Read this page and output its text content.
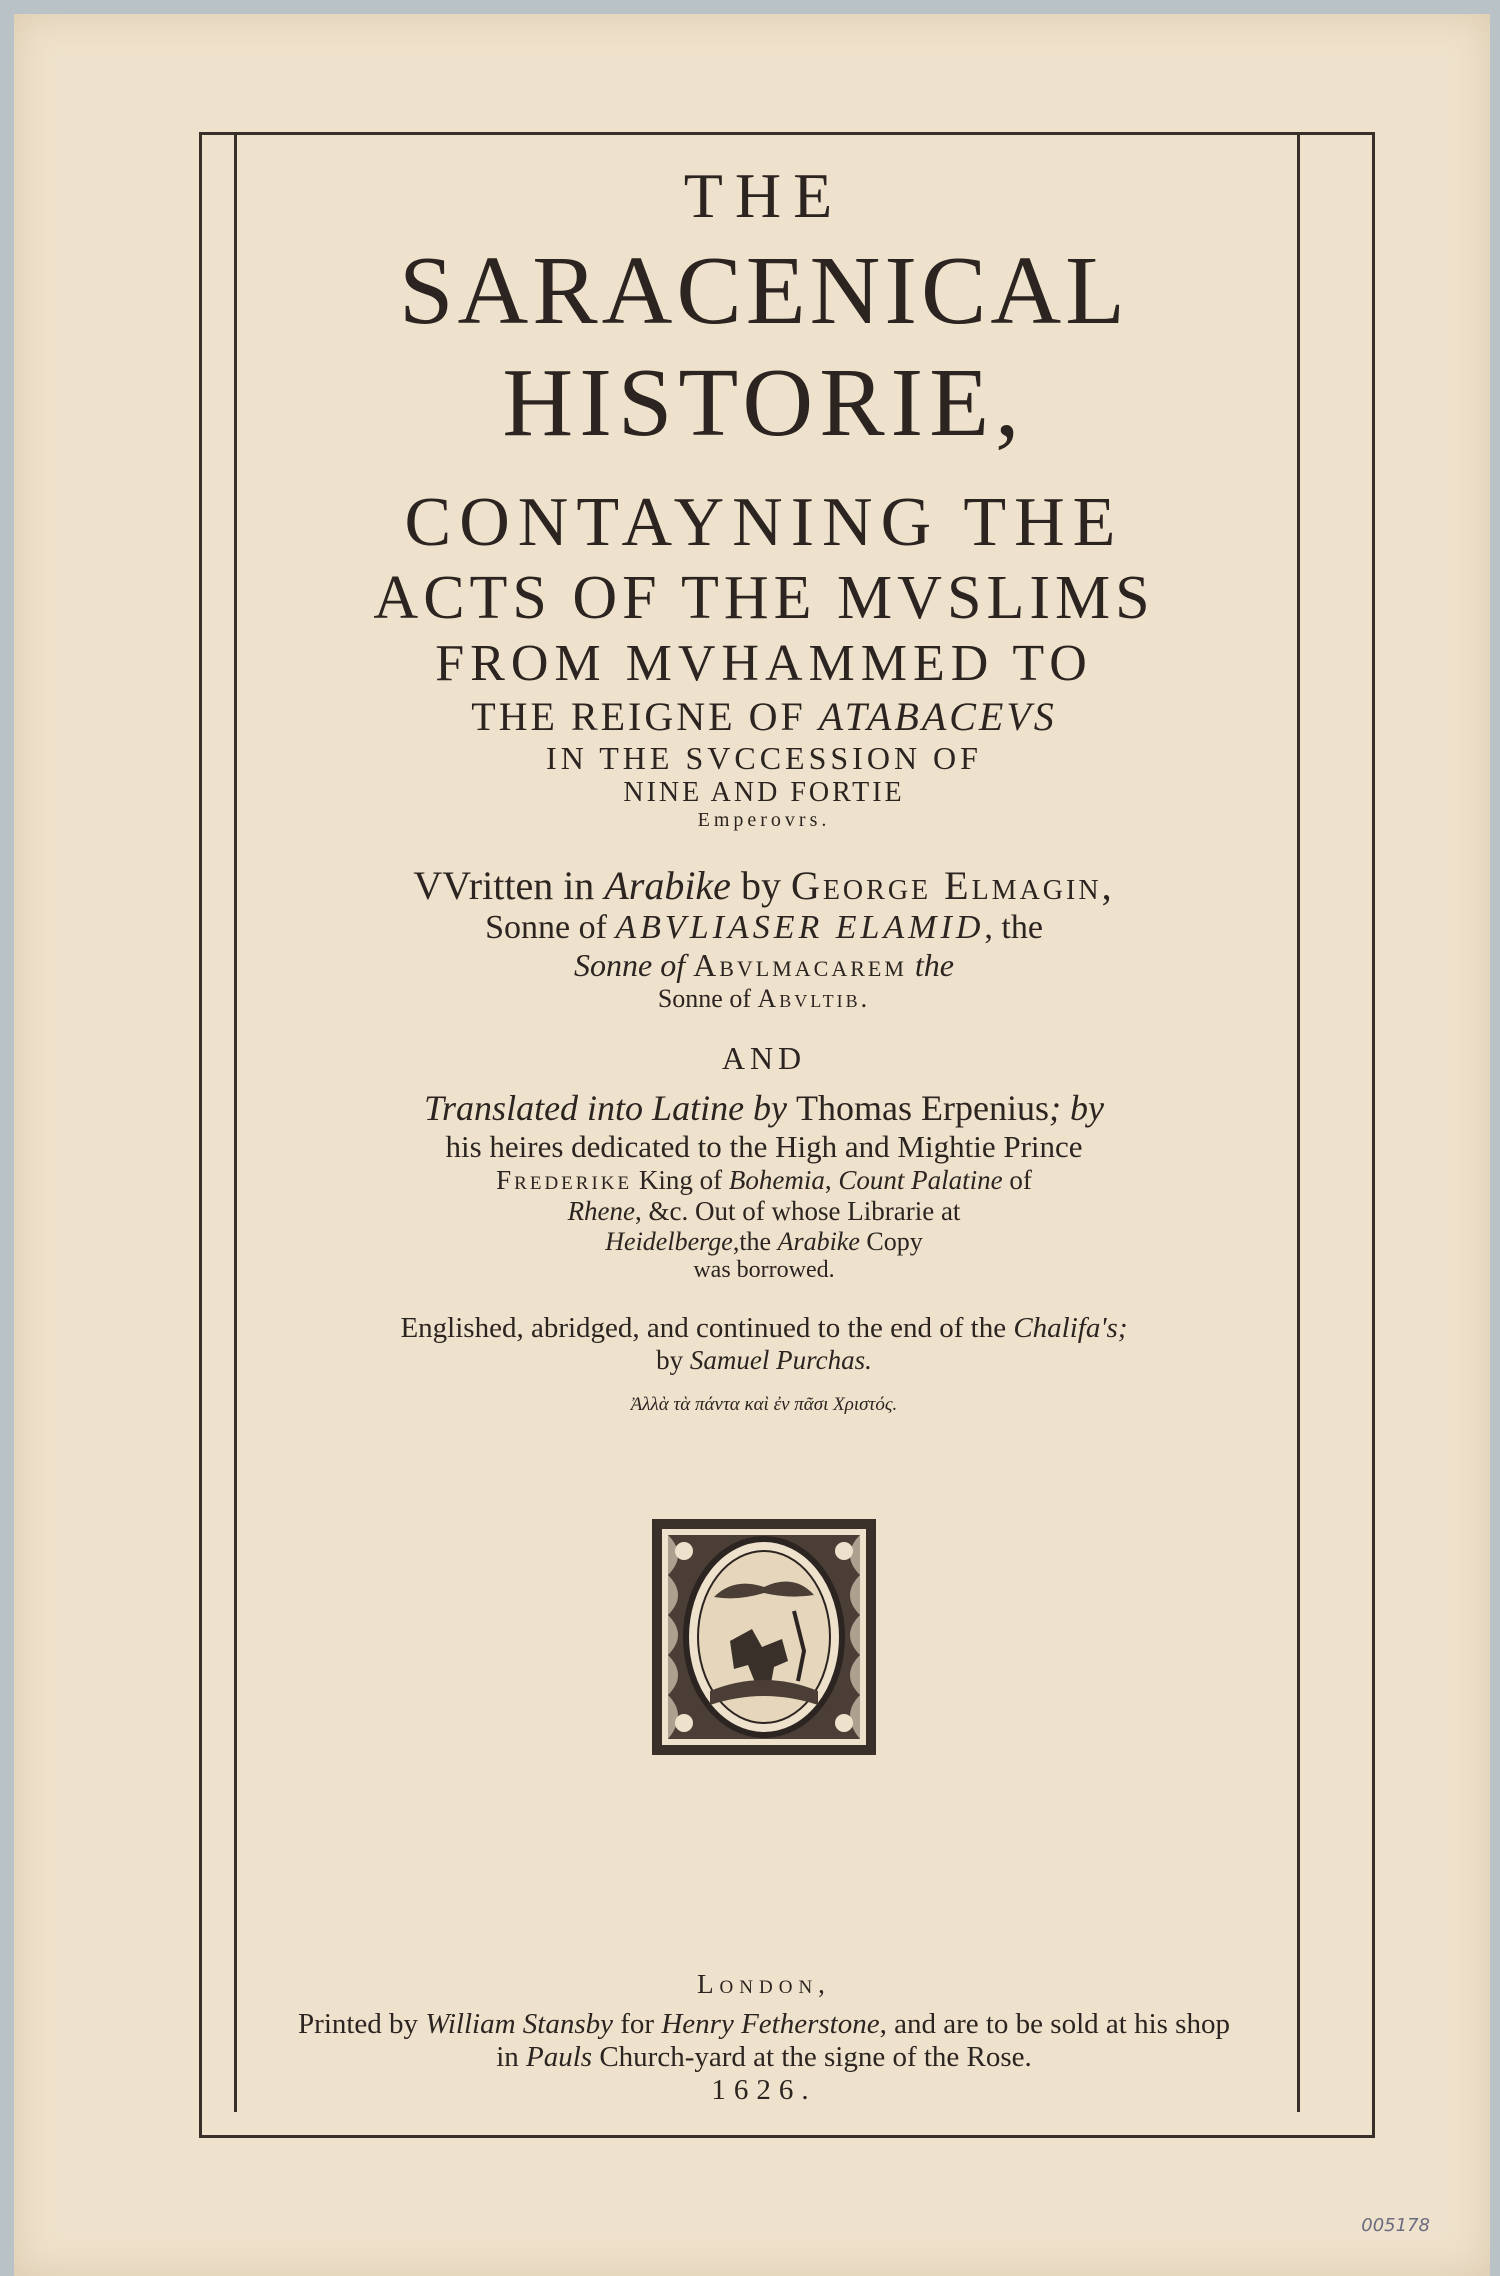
THE
SARACENICAL
HISTORIE,
CONTAYNING THE
ACTS OF THE MVSLIMS
FROM MVHAMMED TO
THE REIGNE OF ATABACEVS
IN THE SVCCESSION OF
NINE AND FORTIE
Emperovrs.
VVritten in Arabike by George Elmagin,
Sonne of ABVLIASER ELAMID, the
Sonne of Abvlmacarem the
Sonne of Abvltib.
AND
Translated into Latine by Thomas Erpenius; by
his heires dedicated to the High and Mightie Prince
Frederike King of Bohemia, Count Palatine of
Rhene, &c. Out of whose Librarie at
Heidelberge,the Arabike Copy
was borrowed.
Englished, abridged, and continued to the end of the Chalifa's;
by Samuel Purchas.
Ἀλλὰ τὰ πάντα καὶ ἐν πᾶσι Χριστός.
London,
Printed by William Stansby for Henry Fetherstone, and are to be sold at his shop
in Pauls Church-yard at the signe of the Rose.
1626.
005178
